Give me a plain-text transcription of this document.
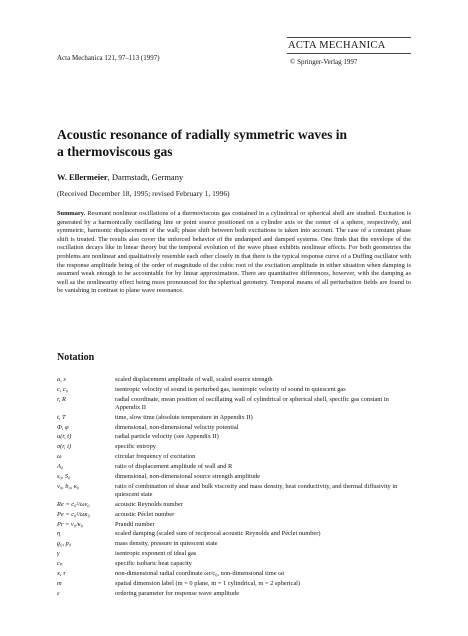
Acta Mechanica 121, 97–113 (1997)
ACTA MECHANICA
© Springer-Verlag 1997
Acoustic resonance of radially symmetric waves in a thermoviscous gas
W. Ellermeier, Darmstadt, Germany
(Received December 18, 1995; revised February 1, 1996)
Summary. Resonant nonlinear oscillations of a thermoviscous gas contained in a cylindrical or spherical shell are studied. Excitation is generated by a harmonically oscillating line or point source positioned on a cylinder axis or the center of a sphere, respectively, and symmetric, harmonic displacement of the wall; phase shift between both excitations is taken into account. The case of a constant phase shift is treated. The results also cover the unforced behavior of the undamped and damped systems. One finds that the envelope of the oscillation decays like in linear theory but the temporal evolution of the wave phase exhibits nonlinear effects. For both geometries the problems are nonlinear and qualitatively resemble each other closely in that there is the typical response curve of a Duffing oscillator with the response amplitude being of the order of magnitude of the cubic root of the excitation amplitude in either situation when damping is assumed weak enough to be accountable for by linear approximation. There are quantitative differences, however, with the damping as well as the nonlinearity effect being more pronounced for the spherical geometry. Temporal means of all perturbation fields are found to be vanishing in contrast to plane wave resonance.
Notation
a, s	scaled displacement amplitude of wall, scaled source strength
c, c₀	isentropic velocity of sound in perturbed gas, isentropic velocity of sound in quiescent gas
r, R	radial coordinate, mean position of oscillating wall of cylindrical or spherical shell, specific gas constant in Appendix II
t, T	time, slow time (absolute temperature in Appendix II)
Φ, φ	dimensional, non-dimensional velocity potential
u(r, t)	radial particle velocity (see Appendix II)
σ(r, t)	specific entropy
ω	circular frequency of excitation
A₀	ratio of displacement amplitude of wall and R
s₀, S₀	dimensional, non-dimensional source strength amplitude
ν₀, b₀, κ₀	ratio of combination of shear and bulk viscosity and mass density, heat conductivity, and thermal diffusivity in quiescent state
Re = c₀²/ων₀	acoustic Reynolds number
Pe = c₀²/ωκ₀	acoustic Péclet number
Pr = ν₀/κ₀	Prandtl number
η	scaled damping (scaled sum of reciprocal acoustic Reynolds and Péclet number)
ϱ₀, p₀	mass density, pressure in quiescent state
γ	isentropic exponent of ideal gas
cₚ	specific isobaric heat capacity
x, τ	non-dimensional radial coordinate ωr/c₀, non-dimensional time ωt
m	spatial dimension label (m = 0 plane, m = 1 cylindrical, m = 2 spherical)
ε	ordering parameter for response wave amplitude
